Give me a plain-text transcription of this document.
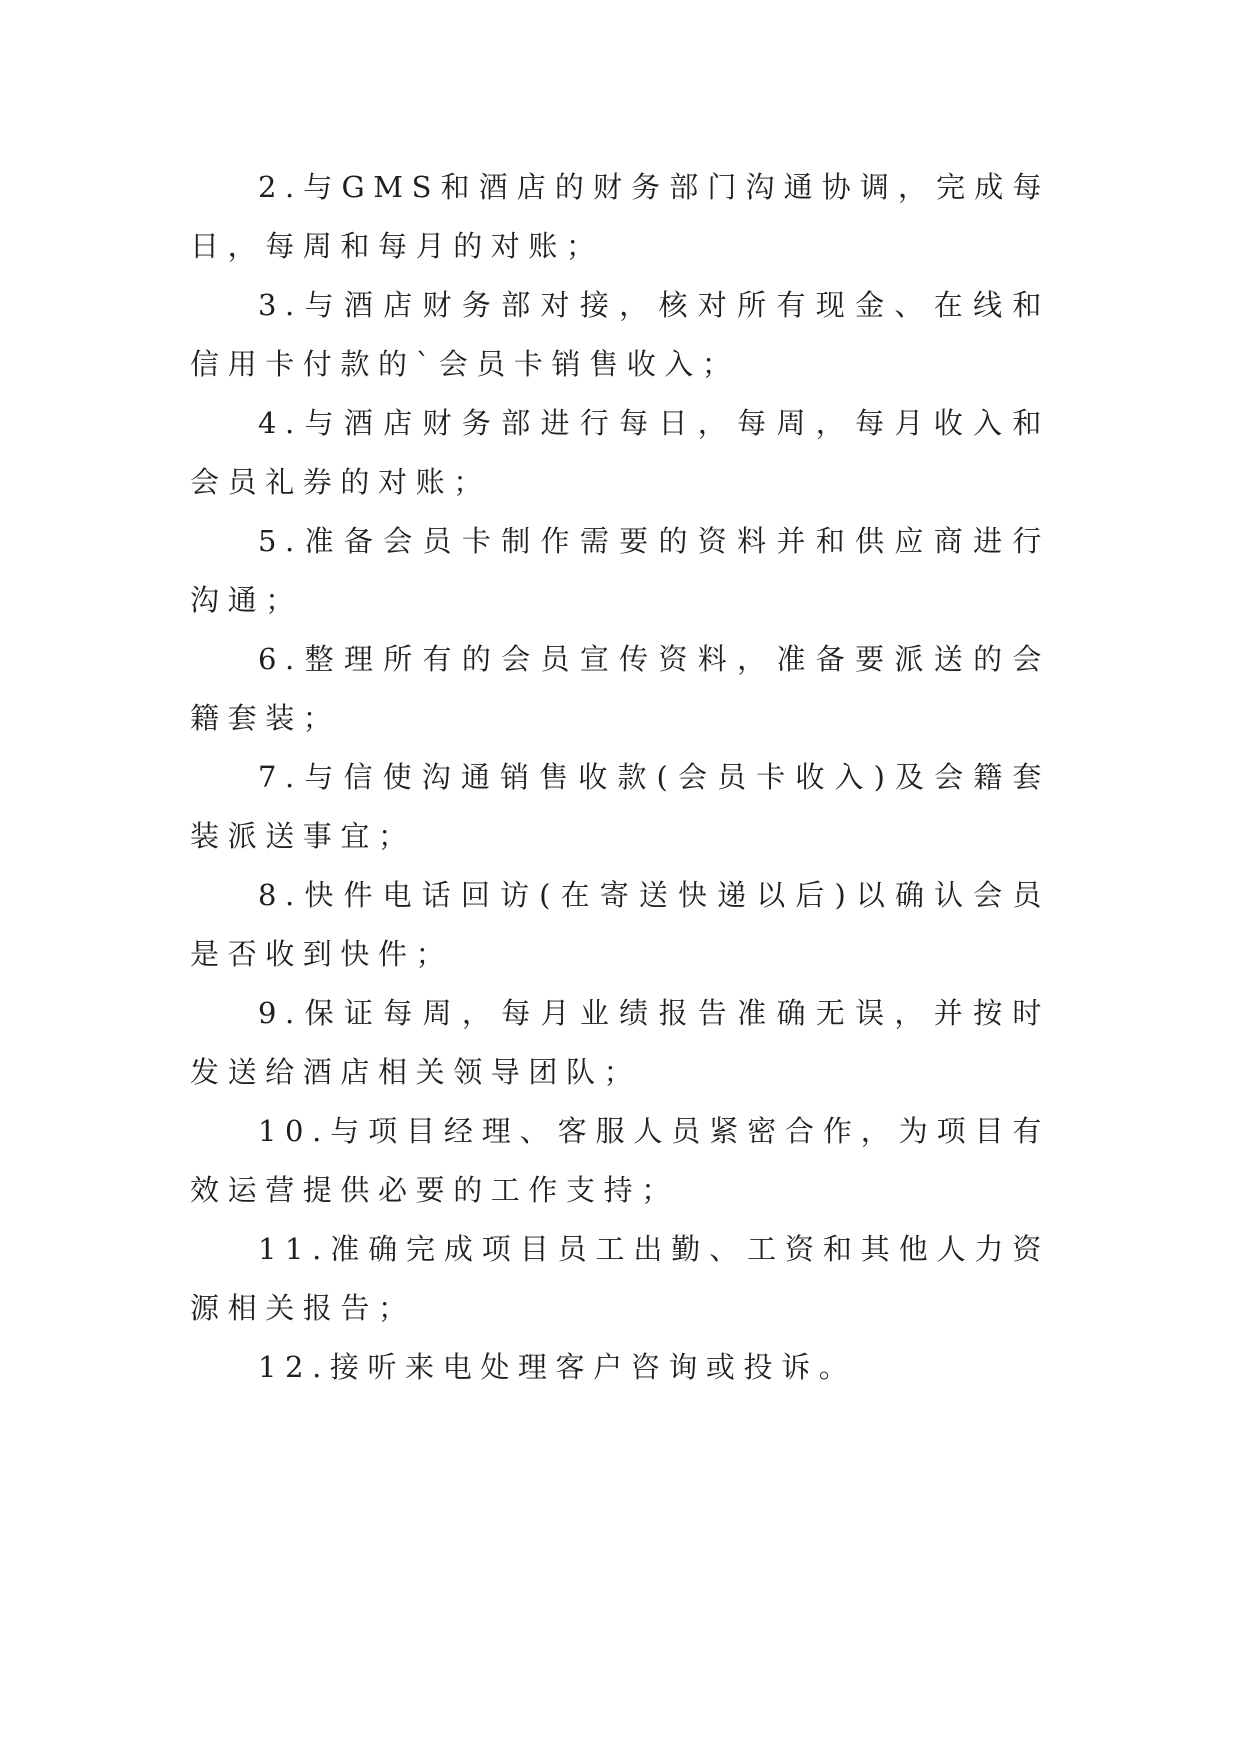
2.与GMS和酒店的财务部门沟通协调，完成每日，每周和每月的对账；

3.与酒店财务部对接，核对所有现金、在线和信用卡付款的`会员卡销售收入；

4.与酒店财务部进行每日，每周，每月收入和会员礼券的对账；

5.准备会员卡制作需要的资料并和供应商进行沟通；

6.整理所有的会员宣传资料，准备要派送的会籍套装；

7.与信使沟通销售收款(会员卡收入)及会籍套装派送事宜；

8.快件电话回访(在寄送快递以后)以确认会员是否收到快件；

9.保证每周，每月业绩报告准确无误，并按时发送给酒店相关领导团队；

10.与项目经理、客服人员紧密合作，为项目有效运营提供必要的工作支持；

11.准确完成项目员工出勤、工资和其他人力资源相关报告；

12.接听来电处理客户咨询或投诉。
